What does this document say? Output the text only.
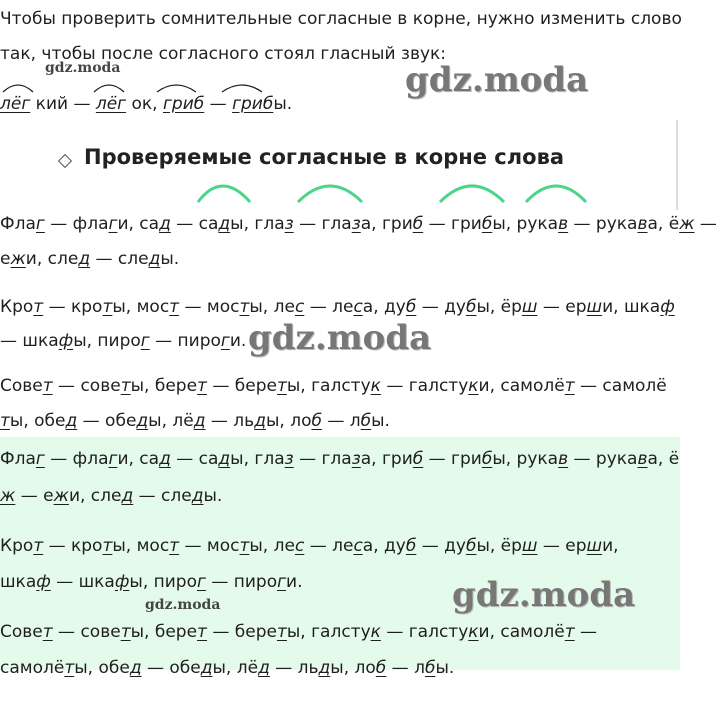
Чтобы проверить сомнительные согласные в корне, нужно изменить слово
так, чтобы после согласного стоял гласный звук:
gdz.moda
лёг кий — лёг ок, гриб — грибы.
gdz.moda
Проверяемые согласные в корне слова
Флаг — флаги, сад — сады, глаз — глаза, гриб — грибы, рукав — рукава, ёж —
ежи, след — следы.
Крот — кроты, мост — мосты, лес — леса, дуб — дубы, ёрш — ерши, шкаф
— шкафы, пирог — пироги. gdz.moda
Совет — советы, берет — береты, галстук — галстуки, самолёт — самолё
ты, обед — обеды, лёд — льды, лоб — лбы.
Флаг — флаги, сад — сады, глаз — глаза, гриб — грибы, рукав — рукава, ё
ж — ежи, след — следы.
Крот — кроты, мост — мосты, лес — леса, дуб — дубы, ёрш — ерши,
шкаф — шкафы, пирог — пироги.
gdz.moda	gdz.moda
Совет — советы, берет — береты, галстук — галстуки, самолёт —
самолёты, обед — обеды, лёд — льды, лоб — лбы.
